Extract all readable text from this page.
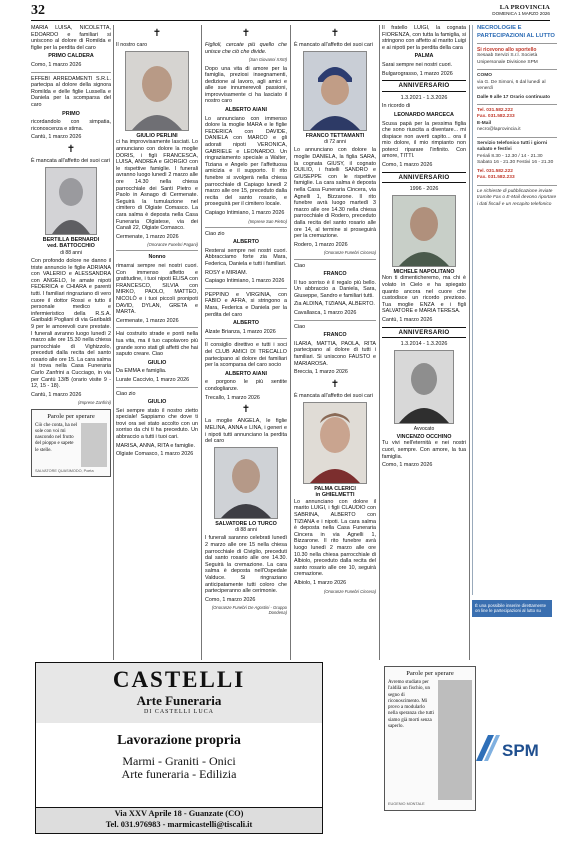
32	LA PROVINCIA
DOMENICA 1 MARZO 2026

MARIA LUISA, NICOLETTA, EDOARDO e familiari si uniscono al dolore di Romilda e figlie per la perdita del caro

PRIMO CALDERA

Como, 1 marzo 2026

EFFEBI ARREDAMENTI S.R.L. partecipa al dolore della signora Romilda e delle figlie Lussella e Daniela per la scomparsa del caro

PRIMO

ricordandolo con simpatia, riconoscenza e stima.

Cantù, 1 marzo 2026

✝

È mancata all'affetto dei suoi cari

BERTILLA BERNARDI
ved. BATTOCCHIO
di 88 anni

Con profondo dolore ne danno il triste annuncio le figlie ADRIANA con VALERIO e ALESSANDRA con ANGELO, le amate nipoti FEDERICA e CHIARA e parenti tutti. I familiari ringraziano di vero cuore il dottor Rossi e tutto il personale medico e infermieristico della R.S.A. Garibaldi Pogliani di via Garibaldi 9 per le amorevoli cure prestate. I funerali avranno luogo lunedì 2 marzo alle ore 15.30 nella chiesa parrocchiale di Vighizzolo, preceduti dalla recita del santo rosario alle ore 15. La cara salma si trova nella Casa Funeraria Carlo Zanfrini a Cucciago, in via per Cantù 13/B (orario visite 9 - 12, 15 - 18).

Cantù, 1 marzo 2026

(Imprese Zanfrini)
Parole per sperare
Ciò che conta, ha nel sole con voi mi nascondo nel frutto del pioppo e sapete le stelle.
SALVATORE QUASIMODO, Poeta
✝

Il nostro caro

GIULIO PERLINI

ci ha improvvisamente lasciati. Lo annunciano con dolore la moglie DORIS, i figli FRANCESCA, LUISA, ANDREA e GIORGIO con le rispettive famiglie. I funerali avranno luogo lunedì 2 marzo alle ore 14.30 nella chiesa parrocchiale dei Santi Pietro e Paolo in Asnago di Cermenate. Seguirà la tumulazione nel cimitero di Olgiate Comasco. La cara salma è deposta nella Casa Funeraria Olgiatese, via dei Canali 22, Olgiate Comasco.

Cermenate, 1 marzo 2026

(Onoranze Funebri Pagani)

Nonno

rimarrai sempre nei nostri cuori. Con immenso affetto e gratitudine, i tuoi nipoti ELISA con FRANCESCO, SILVIA con MIRKO, PAOLO, MATTEO, NICOLÒ e i tuoi piccoli pronipoti DAVID, DYLAN, GRETA e MARTA.

Cermenate, 1 marzo 2026

Hai costruito strade e ponti nella tua vita, ma il tuo capolavoro più grande sono stati gli affetti che hai saputo creare. Ciao

GIULIO

Da EMMA e famiglia.

Lurate Caccivio, 1 marzo 2026

Ciao zio

GIULIO

Sei sempre stato il nostro zietto speciale! Sappiamo che dove ti trovi ora sei stato accolto con un sorriso da chi ti ha preceduto. Un abbraccio a tutti i tuoi cari.

MARISA, ANNA, RITA e famiglie.

Olgiate Comasco, 1 marzo 2026

✝

Figlioli, cercate più quello che unisce che ciò che divide.

(San Giovanni XXIII)

Dopo una vita di amore per la famiglia, preziosi insegnamenti, dedizione al lavoro, agli amici e alle sue innumerevoli passioni, improvvisamente ci ha lasciato il nostro caro

ALBERTO AIANI

Lo annunciano con immenso dolore la moglie MARA e le figlie FEDERICA con DAVIDE, DANIELA con MARCO e gli adorati nipoti VERONICA, GABRIELE e LEONARDO. Un ringraziamento speciale a Walter, Tiziana e Angelo per l'affettuosa amicizia e il supporto. Il rito funebre si svolgerà nella chiesa parrocchiale di Capiago lunedì 2 marzo alle ore 15, preceduto dalla recita del santo rosario, e proseguirà per il cimitero locale.

Capiago Intimiano, 1 marzo 2026

(Imprese San Pietro)

Ciao zio

ALBERTO

Resterai sempre nei nostri cuori. Abbracciamo forte zia Mara, Federica, Daniela e tutti i familiari.

ROSY e MIRIAM.

Capiago Intimiano, 1 marzo 2026

PEPPINO e VIRGINIA, con FABIO e AFRA, si stringono a Mara, Federica e Daniela per la perdita del caro

ALBERTO

Alzate Brianza, 1 marzo 2026

Il consiglio direttivo e tutti i soci del CLUB AMICI DI TRECALLO partecipano al dolore dei familiari per la scomparsa del caro socio

ALBERTO AIANI

e porgono le più sentite condoglianze.

Trecallo, 1 marzo 2026

✝

La moglie ANGELA, le figlie MELINA, ANNA e LINA, i generi e i nipoti tutti annunciano la perdita del caro

SALVATORE LO TURCO
di 88 anni

I funerali saranno celebrati lunedì 2 marzo alle ore 15 nella chiesa parrocchiale di Civiglio, preceduti dal santo rosario alle ore 14.30. Seguirà la cremazione. La cara salma è deposta nell'Ospedale Valduce. Si ringraziano anticipatamente tutti coloro che parteciperanno alle cerimonie.

Como, 1 marzo 2026

(Onoranze Funebri De Agostini - Gruppo Dondena)
✝

È mancato all'affetto dei suoi cari

FRANCO TETTAMANTI
di 72 anni

Lo annunciano con dolore la moglie DANIELA, la figlia SARA, la cognata GIUSY, il cognato DUILIO, i fratelli SANDRO e GIUSEPPE con le rispettive famiglie. La cara salma è deposta nella Casa Funeraria Cincera, via Agnelli 1, Bizzarone. Il rito funebre avrà luogo martedì 3 marzo alle ore 14.30 nella chiesa parrocchiale di Rodero, preceduto dalla recita del santo rosario alle ore 14, al termine si proseguirà per la cremazione.

Rodero, 1 marzo 2026

(Onoranze Funebri Cincera)

Ciao

FRANCO

Il tuo sorriso è il regalo più bello. Un abbraccio a Daniela, Sara, Giuseppe, Sandro e familiari tutti.

Zia ALDINA, TIZIANA, ALBERTO.

Cavallasca, 1 marzo 2026

Ciao

FRANCO

ILARIA, MATTIA, PAOLA, RITA partecipano al dolore di tutti i familiari. Si uniscono FAUSTO e MARIAROSA.

Breccia, 1 marzo 2026

✝

È mancata all'affetto dei suoi cari

PALMA CLERICI
in GHIELMETTI

Lo annunciano con dolore il marito LUIGI, i figli CLAUDIO con SABRINA, ALBERTO con TIZIANA e i nipoti. La cara salma è deposta nella Casa Funeraria Cincera in via Agnelli 1, Bizzarone. Il rito funebre avrà luogo lunedì 2 marzo alle ore 10.30 nella chiesa parrocchiale di Albiolo, preceduto dalla recita del santo rosario alle ore 10, seguirà cremazione.

Albiolo, 1 marzo 2026

(Onoranze Funebri Cincera)

Il fratello LUIGI, la cognata FIORENZA, con tutta la famiglia, si stringono con affetto al marito Luigi e ai nipoti per la perdita della cara

PALMA

Sarai sempre nei nostri cuori.

Bulgarograsso, 1 marzo 2026

ANNIVERSARIO

1.3.2021 - 1.3.2026

In ricordo di

LEONARDO MARCECA

Scusa papà per la pessima figlia che sono riuscita a diventare... mi dispiace non averti capito... ora il mio dolore, il mio rimpianto non poterci riparare l'infinito. Con amore, TITTI.

Como, 1 marzo 2026

ANNIVERSARIO

1996 - 2026

MICHELE NAPOLITANO

Non ti dimenticheremo, ma chi è volato in Cielo e ha spiegato quanto ancora nel cuore che custodisce un ricordo prezioso. Tua moglie ENZA e i figli SALVATORE e MARIA TERESA.

Cantù, 1 marzo 2026

ANNIVERSARIO

1.3.2014 - 1.3.2026

Avvocato
VINCENZO OCCHINO

Tu vivi nell'eternità e nei nostri cuori, sempre. Con amore, la tua famiglia.

Como, 1 marzo 2026

NECROLOGIE E PARTECIPAZIONI AL LUTTO
Si ricevono allo sportello
Sesaab Servizi S.r.l. Società Unipersonale Divisione SPM
COMO
via G. De Simoni, 6 dal lunedì al venerdì
Dalle 9 alle 17 Orario continuato
Tel. 031.582.222
Fax. 031.582.233
E-Mail
necro@laprovincia.it
Servizio telefonico tutti i giorni sabato e festivi
Feriali 8.30 - 12.30 / 14 - 21.30 Sabato 16 - 21.30 Festivi 16 - 21.30
Tel. 031.582.222
Fax. 031.582.233
Le richieste di pubblicazione inviate tramite Fax o E-Mail devono riportare i dati fiscali e un recapito telefonico
È una possibile inserire direttamente on line le partecipazioni al lutto su
SPM
CASTELLI
Arte Funeraria
DI CASTELLI LUCA
Lavorazione propria
Marmi - Graniti - Onici
Arte funeraria - Edilizia
Via XXV Aprile 18 - Guanzate (CO)
Tel. 031.976983 - marmicastelli@tiscali.it
Parole per sperare
Avremo studiato per l'aldilà un fischio, un segno di riconoscimento. Mi provo a modularlo nella speranza che tutti siamo già morti senza saperlo.
EUGENIO MONTALE
